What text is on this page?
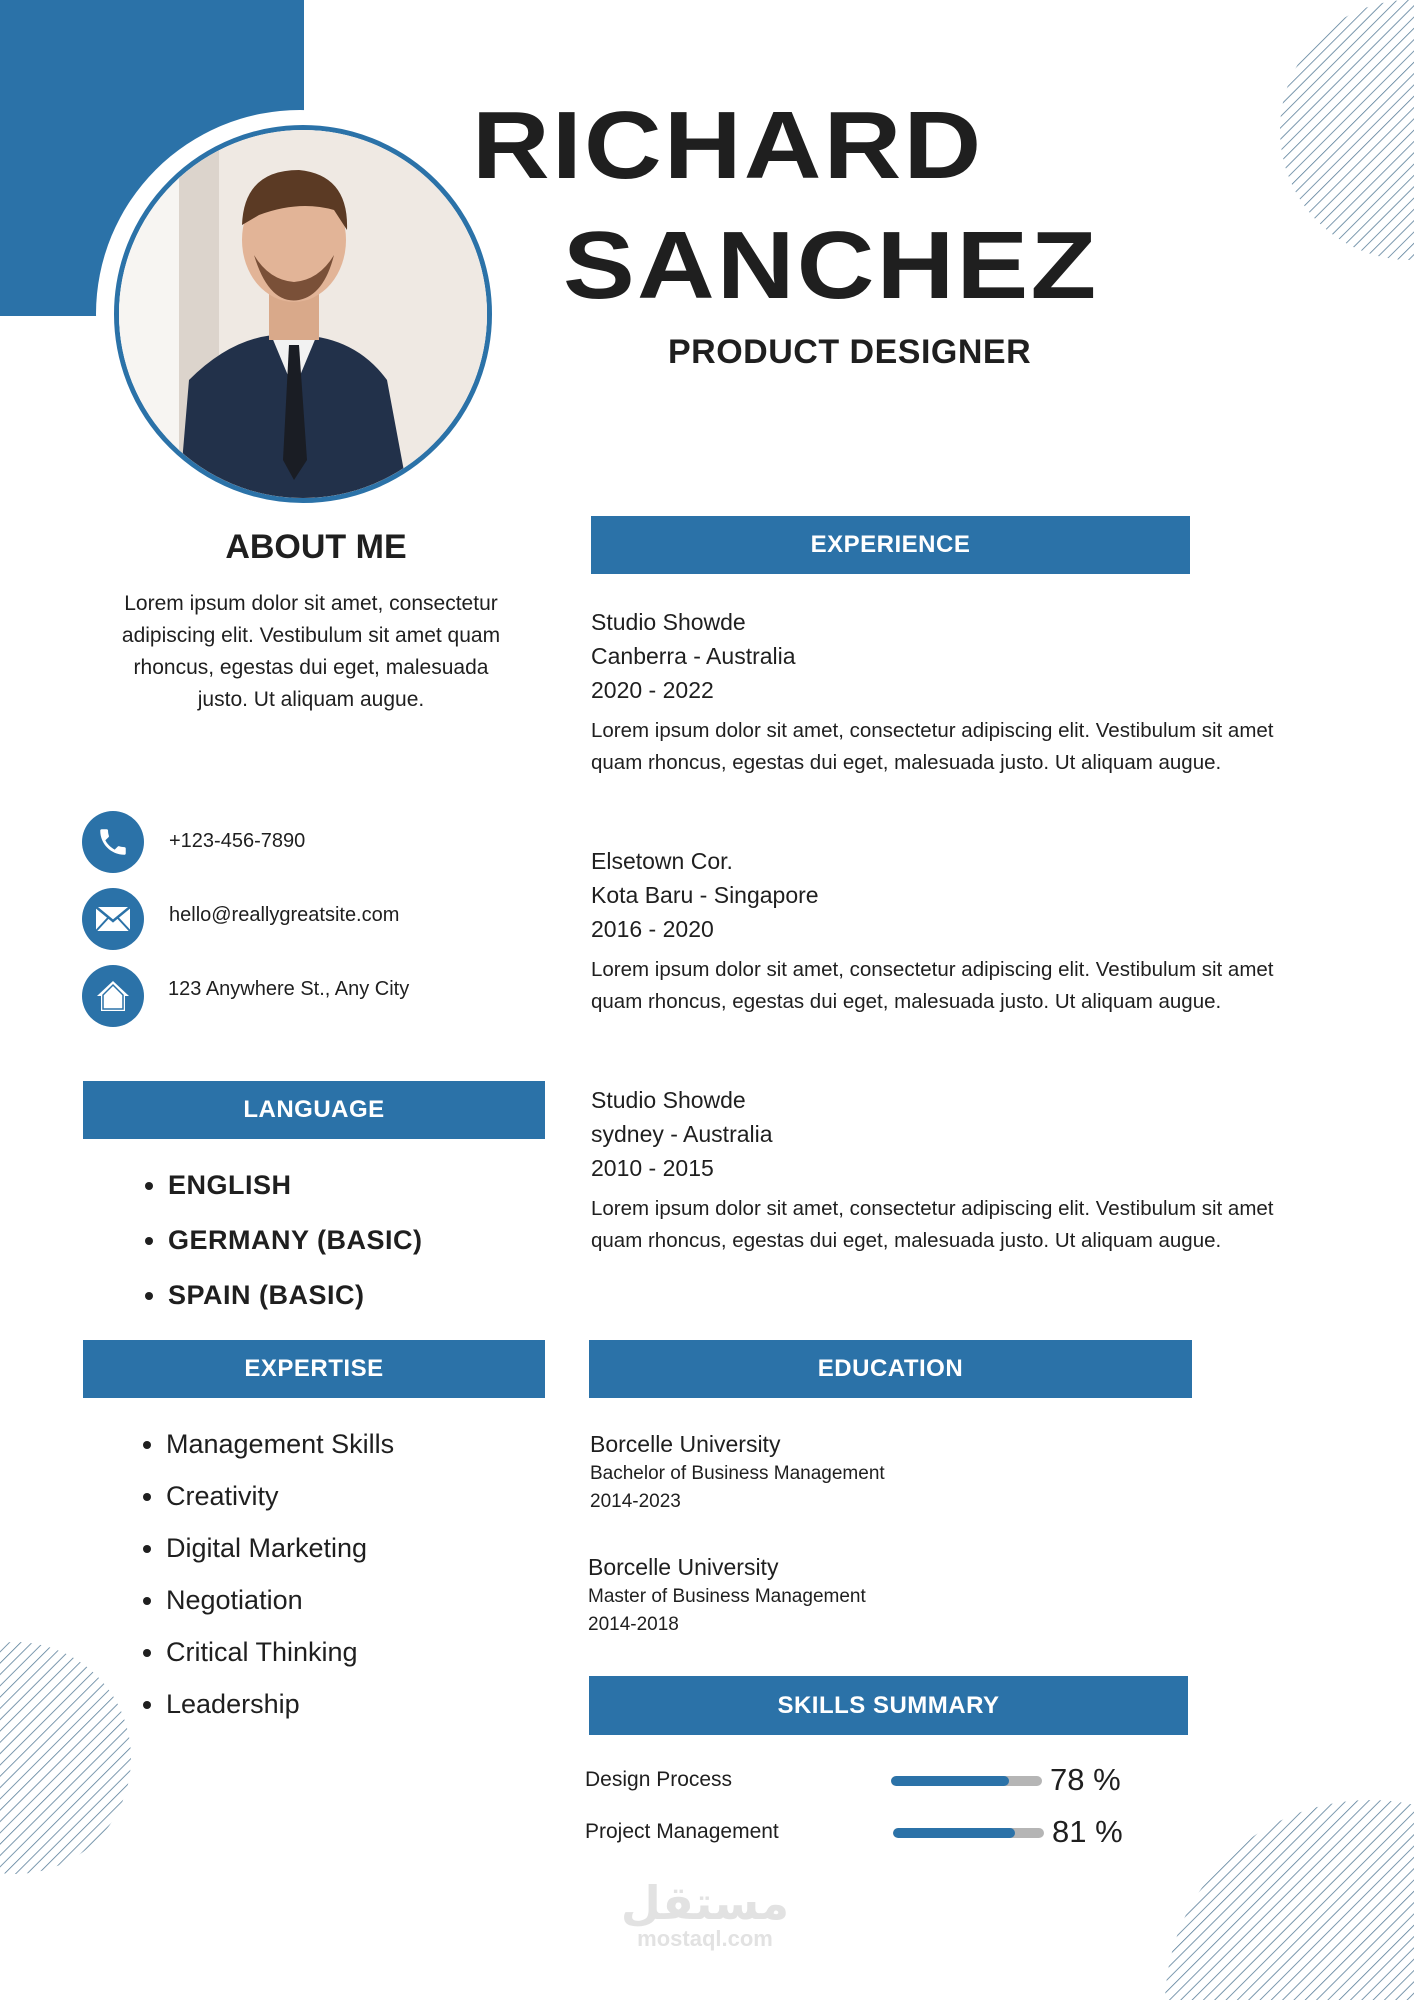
RICHARD
SANCHEZ
PRODUCT DESIGNER
ABOUT ME
Lorem ipsum dolor sit amet, consectetur adipiscing elit. Vestibulum sit amet quam rhoncus, egestas dui eget, malesuada justo. Ut aliquam augue.
+123-456-7890
hello@reallygreatsite.com
123 Anywhere St., Any City
LANGUAGE
• ENGLISH
• GERMANY (BASIC)
• SPAIN (BASIC)
EXPERTISE
• Management Skills
• Creativity
• Digital Marketing
• Negotiation
• Critical Thinking
• Leadership
EXPERIENCE
Studio Showde
Canberra - Australia
2020 - 2022
Lorem ipsum dolor sit amet, consectetur adipiscing elit. Vestibulum sit amet quam rhoncus, egestas dui eget, malesuada justo. Ut aliquam augue.
Elsetown Cor.
Kota Baru - Singapore
2016 - 2020
Lorem ipsum dolor sit amet, consectetur adipiscing elit. Vestibulum sit amet quam rhoncus, egestas dui eget, malesuada justo. Ut aliquam augue.
Studio Showde
sydney - Australia
2010 - 2015
Lorem ipsum dolor sit amet, consectetur adipiscing elit. Vestibulum sit amet quam rhoncus, egestas dui eget, malesuada justo. Ut aliquam augue.
EDUCATION
Borcelle University
Bachelor of Business Management
2014-2023
Borcelle University
Master of Business Management
2014-2018
SKILLS SUMMARY
Design Process	78 %
Project Management	81 %
مستقل
mostaql.com
